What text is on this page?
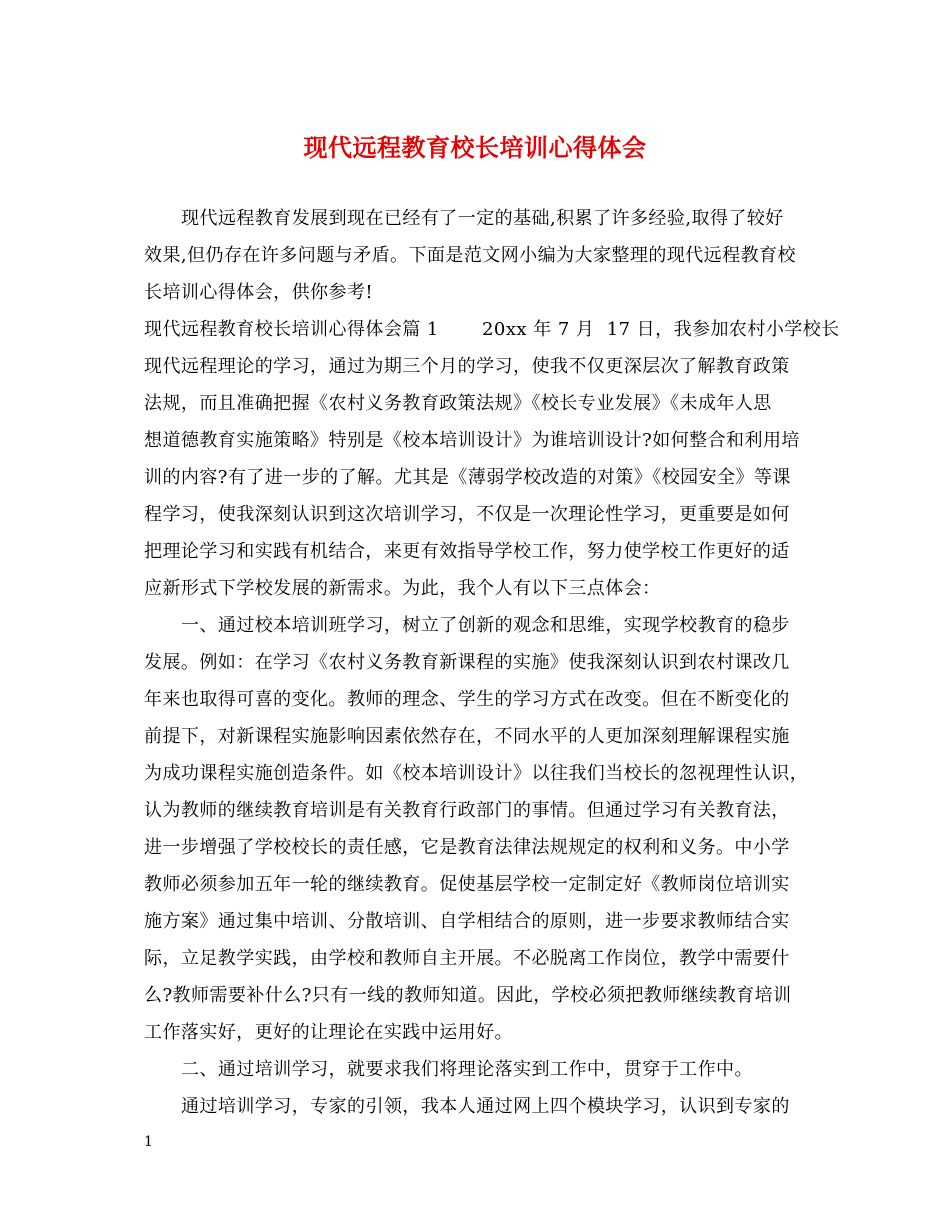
现代远程教育校长培训心得体会
现代远程教育发展到现在已经有了一定的基础,积累了许多经验,取得了较好
效果,但仍存在许多问题与矛盾。下面是范文网小编为大家整理的现代远程教育校
长培训心得体会，供你参考!
现代远程教育校长培训心得体会篇 1       20xx 年 7 月  17 日，我参加农村小学校长
现代远程理论的学习，通过为期三个月的学习，使我不仅更深层次了解教育政策
法规，而且准确把握《农村义务教育政策法规》《校长专业发展》《未成年人思
想道德教育实施策略》特别是《校本培训设计》为谁培训设计?如何整合和利用培
训的内容?有了进一步的了解。尤其是《薄弱学校改造的对策》《校园安全》等课
程学习，使我深刻认识到这次培训学习，不仅是一次理论性学习，更重要是如何
把理论学习和实践有机结合，来更有效指导学校工作，努力使学校工作更好的适
应新形式下学校发展的新需求。为此，我个人有以下三点体会：
一、通过校本培训班学习，树立了创新的观念和思维，实现学校教育的稳步
发展。例如：在学习《农村义务教育新课程的实施》使我深刻认识到农村课改几
年来也取得可喜的变化。教师的理念、学生的学习方式在改变。但在不断变化的
前提下，对新课程实施影响因素依然存在，不同水平的人更加深刻理解课程实施
为成功课程实施创造条件。如《校本培训设计》以往我们当校长的忽视理性认识，
认为教师的继续教育培训是有关教育行政部门的事情。但通过学习有关教育法，
进一步增强了学校校长的责任感，它是教育法律法规规定的权利和义务。中小学
教师必须参加五年一轮的继续教育。促使基层学校一定制定好《教师岗位培训实
施方案》通过集中培训、分散培训、自学相结合的原则，进一步要求教师结合实
际，立足教学实践，由学校和教师自主开展。不必脱离工作岗位，教学中需要什
么?教师需要补什么?只有一线的教师知道。因此，学校必须把教师继续教育培训
工作落实好，更好的让理论在实践中运用好。
二、通过培训学习，就要求我们将理论落实到工作中，贯穿于工作中。
通过培训学习，专家的引领，我本人通过网上四个模块学习，认识到专家的
1
